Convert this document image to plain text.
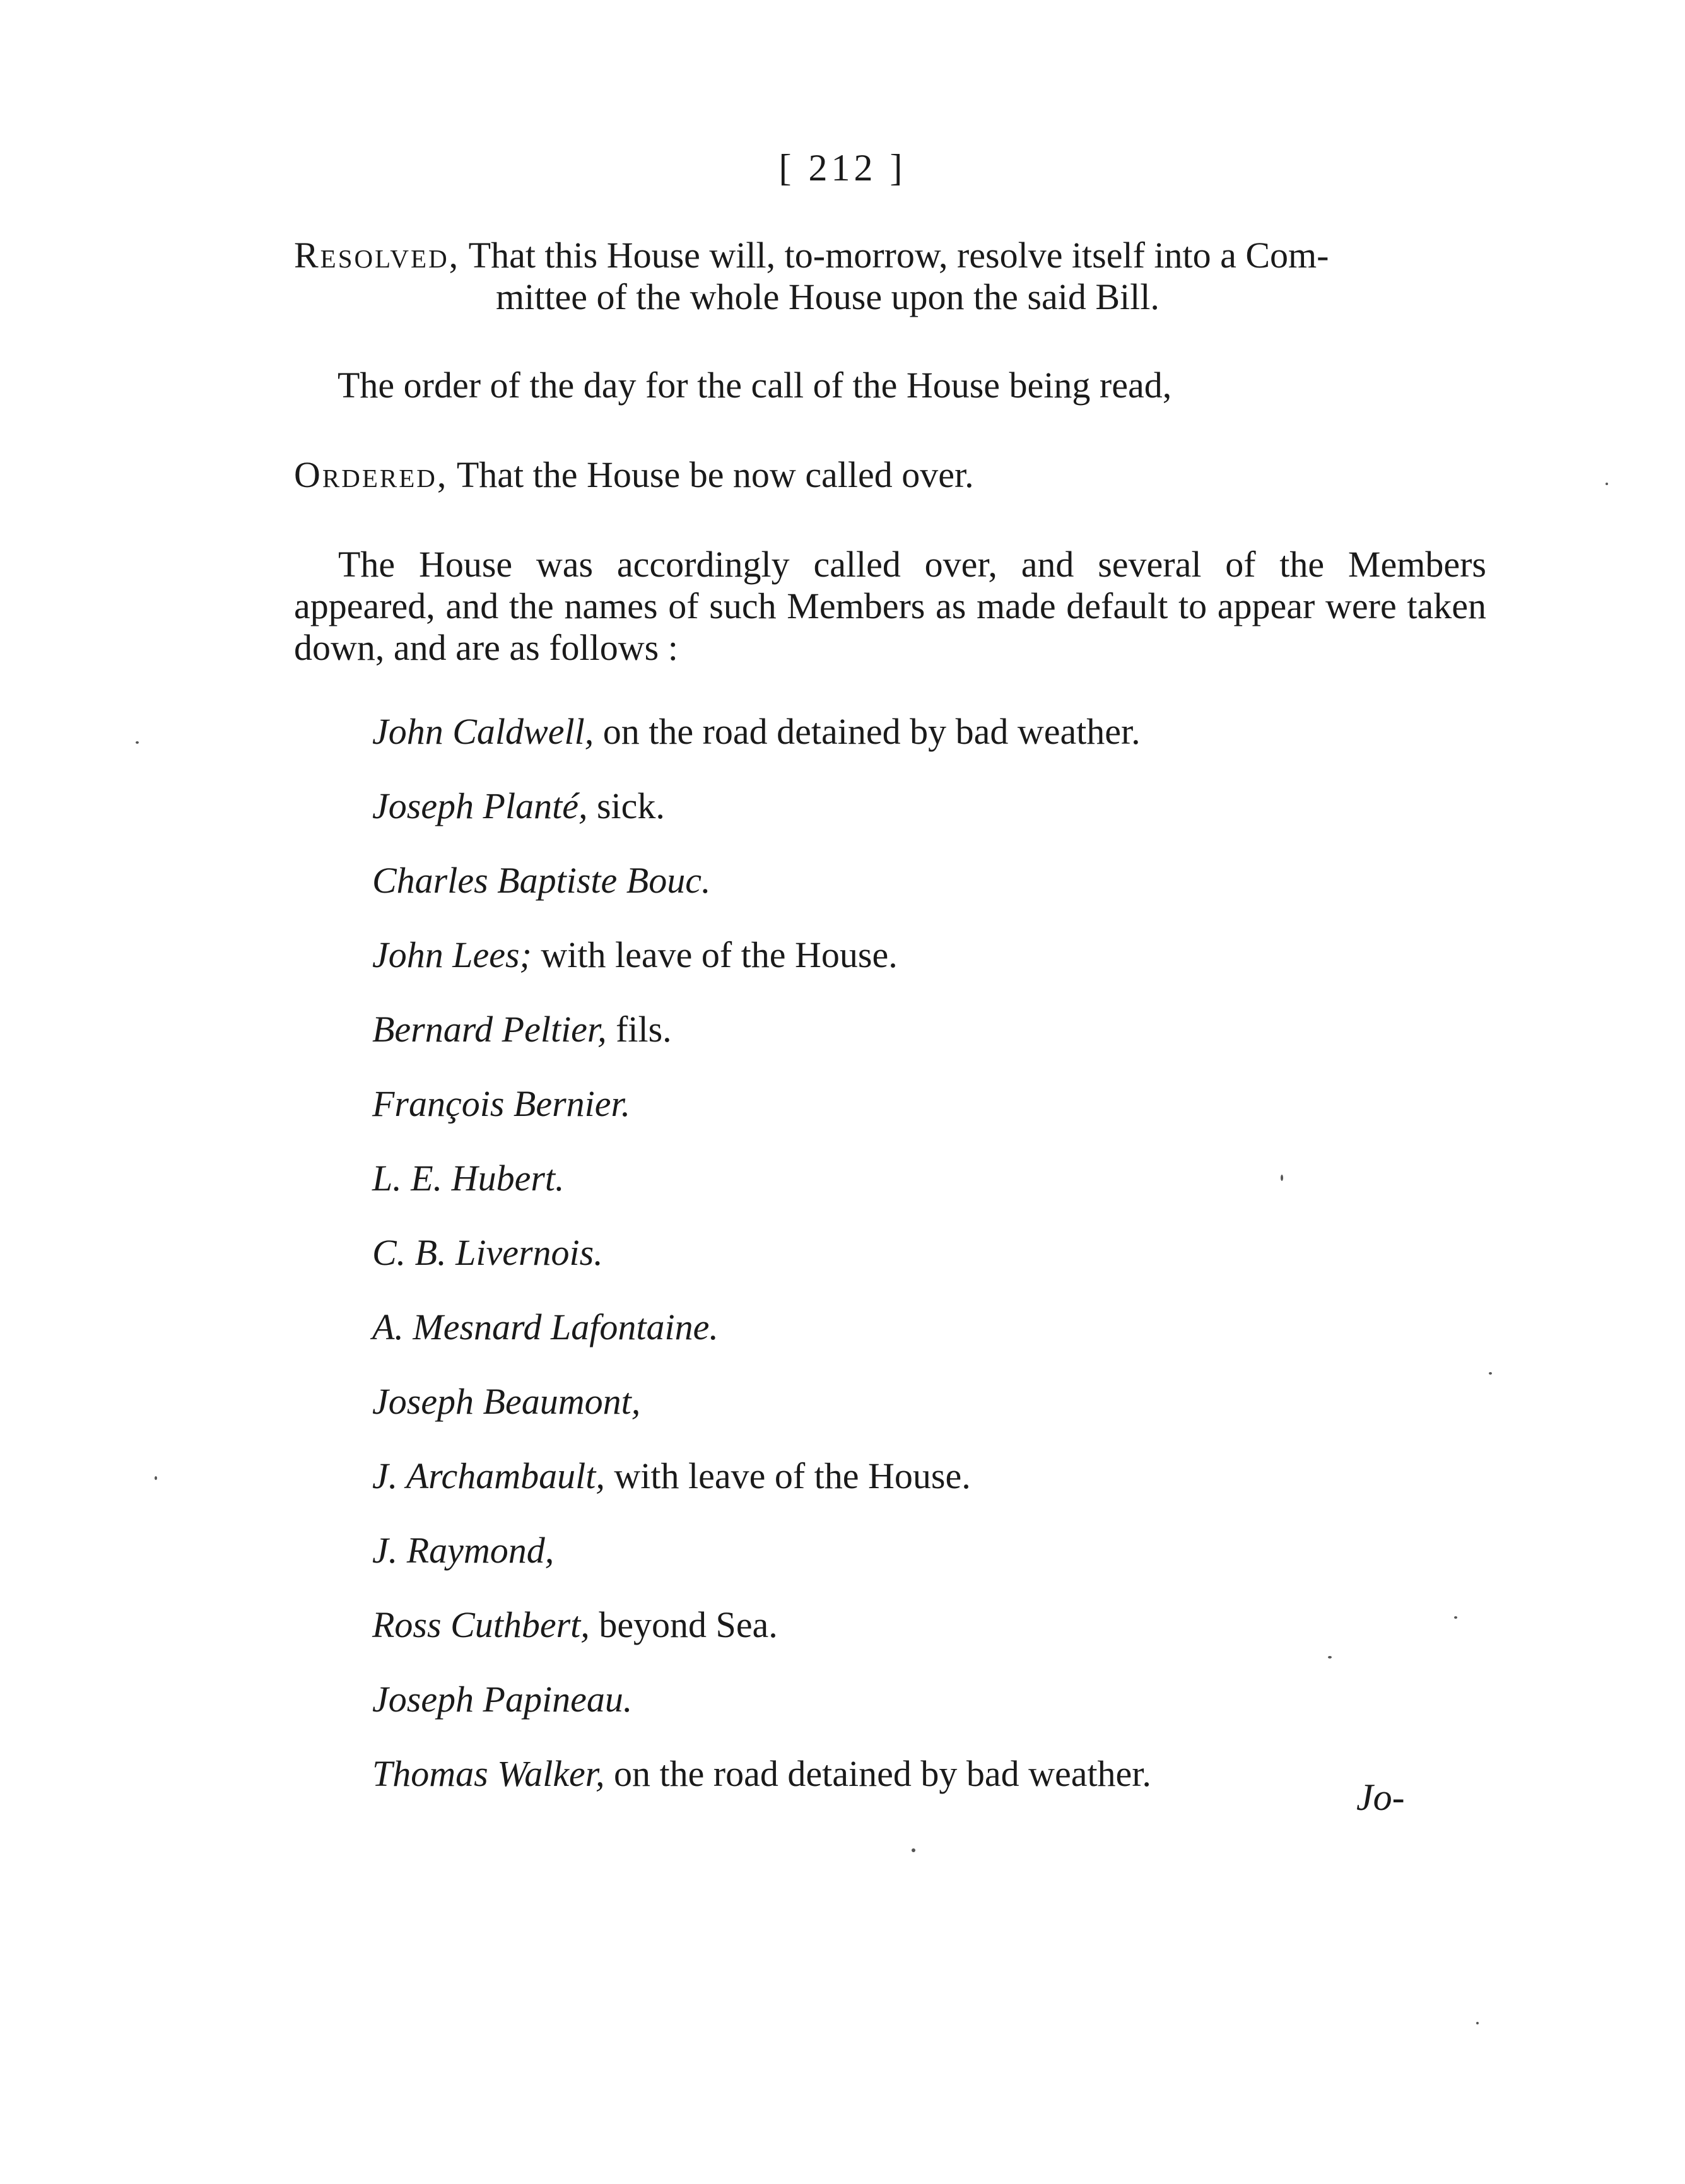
[ 212 ]
Resolved, That this House will, to-morrow, resolve itself into a Com-
mittee of the whole House upon the said Bill.
The order of the day for the call of the House being read,
Ordered, That the House be now called over.
The House was accordingly called over, and several of the Members appeared, and the names of such Members as made default to appear were taken down, and are as follows :
John Caldwell, on the road detained by bad weather.
Joseph Planté, sick.
Charles Baptiste Bouc.
John Lees; with leave of the House.
Bernard Peltier, fils.
François Bernier.
L. E. Hubert.
C. B. Livernois.
A. Mesnard Lafontaine.
Joseph Beaumont,
J. Archambault, with leave of the House.
J. Raymond,
Ross Cuthbert, beyond Sea.
Joseph Papineau.
Thomas Walker, on the road detained by bad weather.
Jo-
